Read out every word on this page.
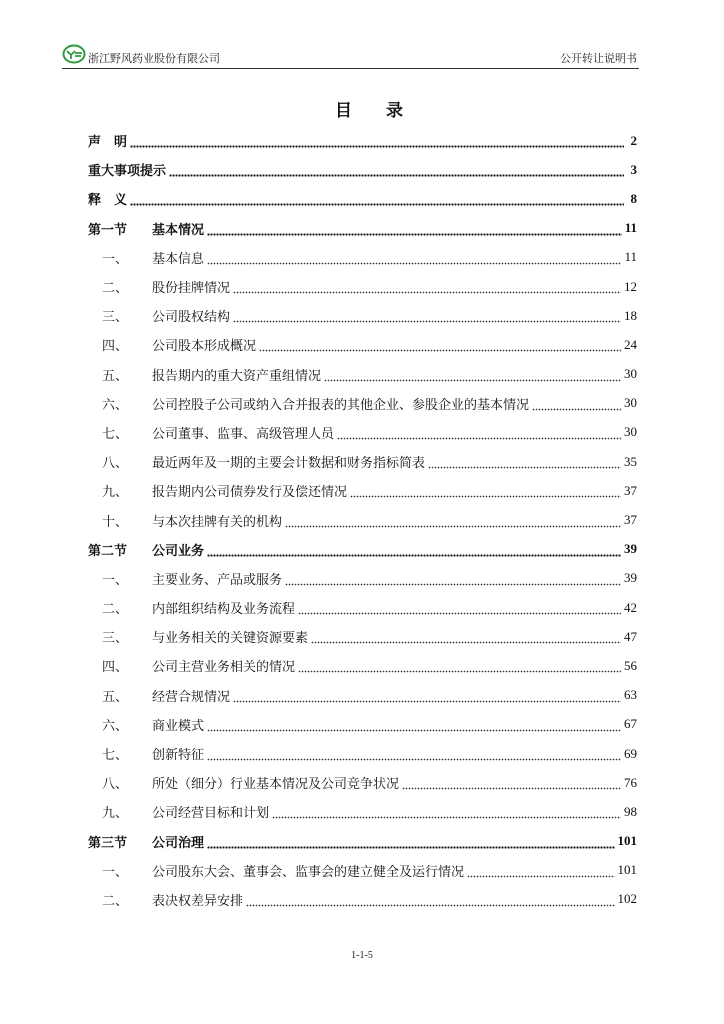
浙江野风药业股份有限公司	公开转让说明书
目 录
声　明	2
重大事项提示	3
释　义	8
第一节	基本情况	11
一、	基本信息	11
二、	股份挂牌情况	12
三、	公司股权结构	18
四、	公司股本形成概况	24
五、	报告期内的重大资产重组情况	30
六、	公司控股子公司或纳入合并报表的其他企业、参股企业的基本情况	30
七、	公司董事、监事、高级管理人员	30
八、	最近两年及一期的主要会计数据和财务指标简表	35
九、	报告期内公司债券发行及偿还情况	37
十、	与本次挂牌有关的机构	37
第二节	公司业务	39
一、	主要业务、产品或服务	39
二、	内部组织结构及业务流程	42
三、	与业务相关的关键资源要素	47
四、	公司主营业务相关的情况	56
五、	经营合规情况	63
六、	商业模式	67
七、	创新特征	69
八、	所处（细分）行业基本情况及公司竞争状况	76
九、	公司经营目标和计划	98
第三节	公司治理	101
一、	公司股东大会、董事会、监事会的建立健全及运行情况	101
二、	表决权差异安排	102
1-1-5
